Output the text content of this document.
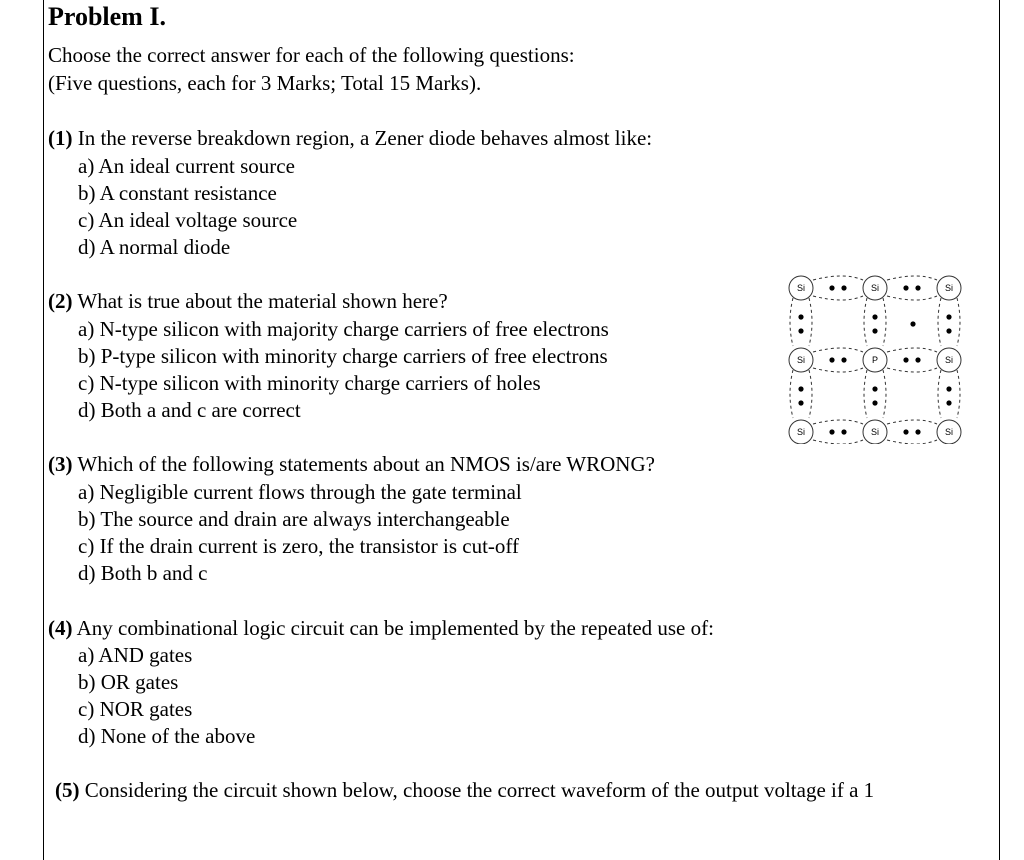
Problem I.
Choose the correct answer for each of the following questions:
(Five questions, each for 3 Marks; Total 15 Marks).
(1) In the reverse breakdown region, a Zener diode behaves almost like:
a) An ideal current source
b) A constant resistance
c) An ideal voltage source
d) A normal diode
(2) What is true about the material shown here?
a) N-type silicon with majority charge carriers of free electrons
b) P-type silicon with minority charge carriers of free electrons
c) N-type silicon with minority charge carriers of holes
d) Both a and c are correct
Si	Si	Si
Si	P	Si
Si	Si	Si
(3) Which of the following statements about an NMOS is/are WRONG?
a) Negligible current flows through the gate terminal
b) The source and drain are always interchangeable
c) If the drain current is zero, the transistor is cut-off
d) Both b and c
(4) Any combinational logic circuit can be implemented by the repeated use of:
a) AND gates
b) OR gates
c) NOR gates
d) None of the above
(5) Considering the circuit shown below, choose the correct waveform of the output voltage if a 1
